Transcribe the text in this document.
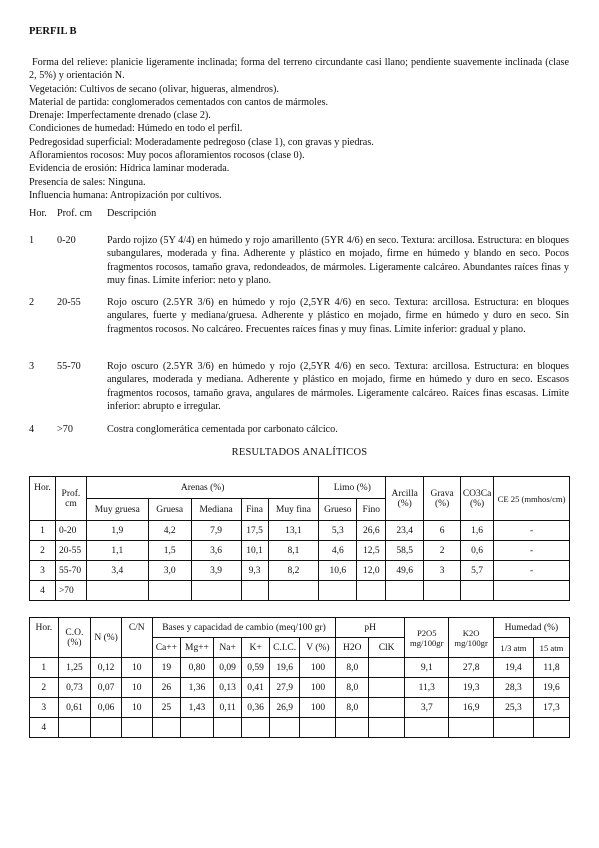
PERFIL B

Forma del relieve: planicie ligeramente inclinada; forma del terreno circundante casi llano; pendiente suavemente inclinada (clase 2, 5%) y orientación N.

Vegetación: Cultivos de secano (olivar, higueras, almendros).

Material de partida: conglomerados cementados con cantos de mármoles.

Drenaje: Imperfectamente drenado (clase 2).

Condiciones de humedad: Húmedo en todo el perfil.

Pedregosidad superficial: Moderadamente pedregoso (clase 1), con gravas y piedras.

Afloramientos rocosos: Muy pocos afloramientos rocosos (clase 0).

Evidencia de erosión: Hídrica laminar moderada.

Presencia de sales: Ninguna.

Influencia humana: Antropización por cultivos.

Hor. Prof. cm Descripción
1 0-20	Pardo rojizo (5Y 4/4) en húmedo y rojo amarillento (5YR 4/6) en seco. Textura: arcillosa. Estructura: en bloques subangulares, moderada y fina. Adherente y plástico en mojado, firme en húmedo y blando en seco. Pocos fragmentos rocosos, tamaño grava, redondeados, de mármoles. Ligeramente calcáreo. Abundantes raíces finas y muy finas. Límite inferior: neto y plano.
2 20-55	Rojo oscuro (2.5YR 3/6) en húmedo y rojo (2,5YR 4/6) en seco. Textura: arcillosa. Estructura: en bloques angulares, fuerte y mediana/gruesa. Adherente y plástico en mojado, firme en húmedo y duro en seco. Sin fragmentos rocosos. No calcáreo. Frecuentes raíces finas y muy finas. Límite inferior: gradual y plano.
3 55-70	Rojo oscuro (2.5YR 3/6) en húmedo y rojo (2,5YR 4/6) en seco. Textura: arcillosa. Estructura: en bloques angulares, moderada y mediana. Adherente y plástico en mojado, firme en húmedo y duro en seco. Escasos fragmentos rocosos, tamaño grava, angulares de mármoles. Ligeramente calcáreo. Raíces finas escasas. Límite inferior: abrupto e irregular.
4 >70	Costra conglomerática cementada por carbonato cálcico.
RESULTADOS ANALÍTICOS
Hor.	Prof. cm	Arenas (%)					Limo (%)		Arcilla (%)	Grava (%)	CO3Ca (%)	CE 25 (mmhos/cm)
		Muy gruesa	Gruesa	Mediana	Fina	Muy fina	Grueso	Fino				
1	0-20	1,9	4,2	7,9	17,5	13,1	5,3	26,6	23,4	6	1,6	-
2	20-55	1,1	1,5	3,6	10,1	8,1	4,6	12,5	58,5	2	0,6	-
3	55-70	3,4	3,0	3,9	9,3	8,2	10,6	12,0	49,6	3	5,7	-
4	>70											
Hor.	C.O. (%)	N (%)	C/N	Bases y capacidad de cambio (meq/100 gr)						pH		P2O5 mg/100gr	K2O mg/100gr	Humedad (%)	
				Ca++	Mg++	Na+	K+	C.I.C.	V (%)	H2O	ClK			1/3 atm	15 atm
1	1,25	0,12	10	19	0,80	0,09	0,59	19,6	100	8,0		9,1	27,8	19,4	11,8
2	0,73	0,07	10	26	1,36	0,13	0,41	27,9	100	8,0		11,3	19,3	28,3	19,6
3	0,61	0,06	10	25	1,43	0,11	0,36	26,9	100	8,0		3,7	16,9	25,3	17,3
4															
